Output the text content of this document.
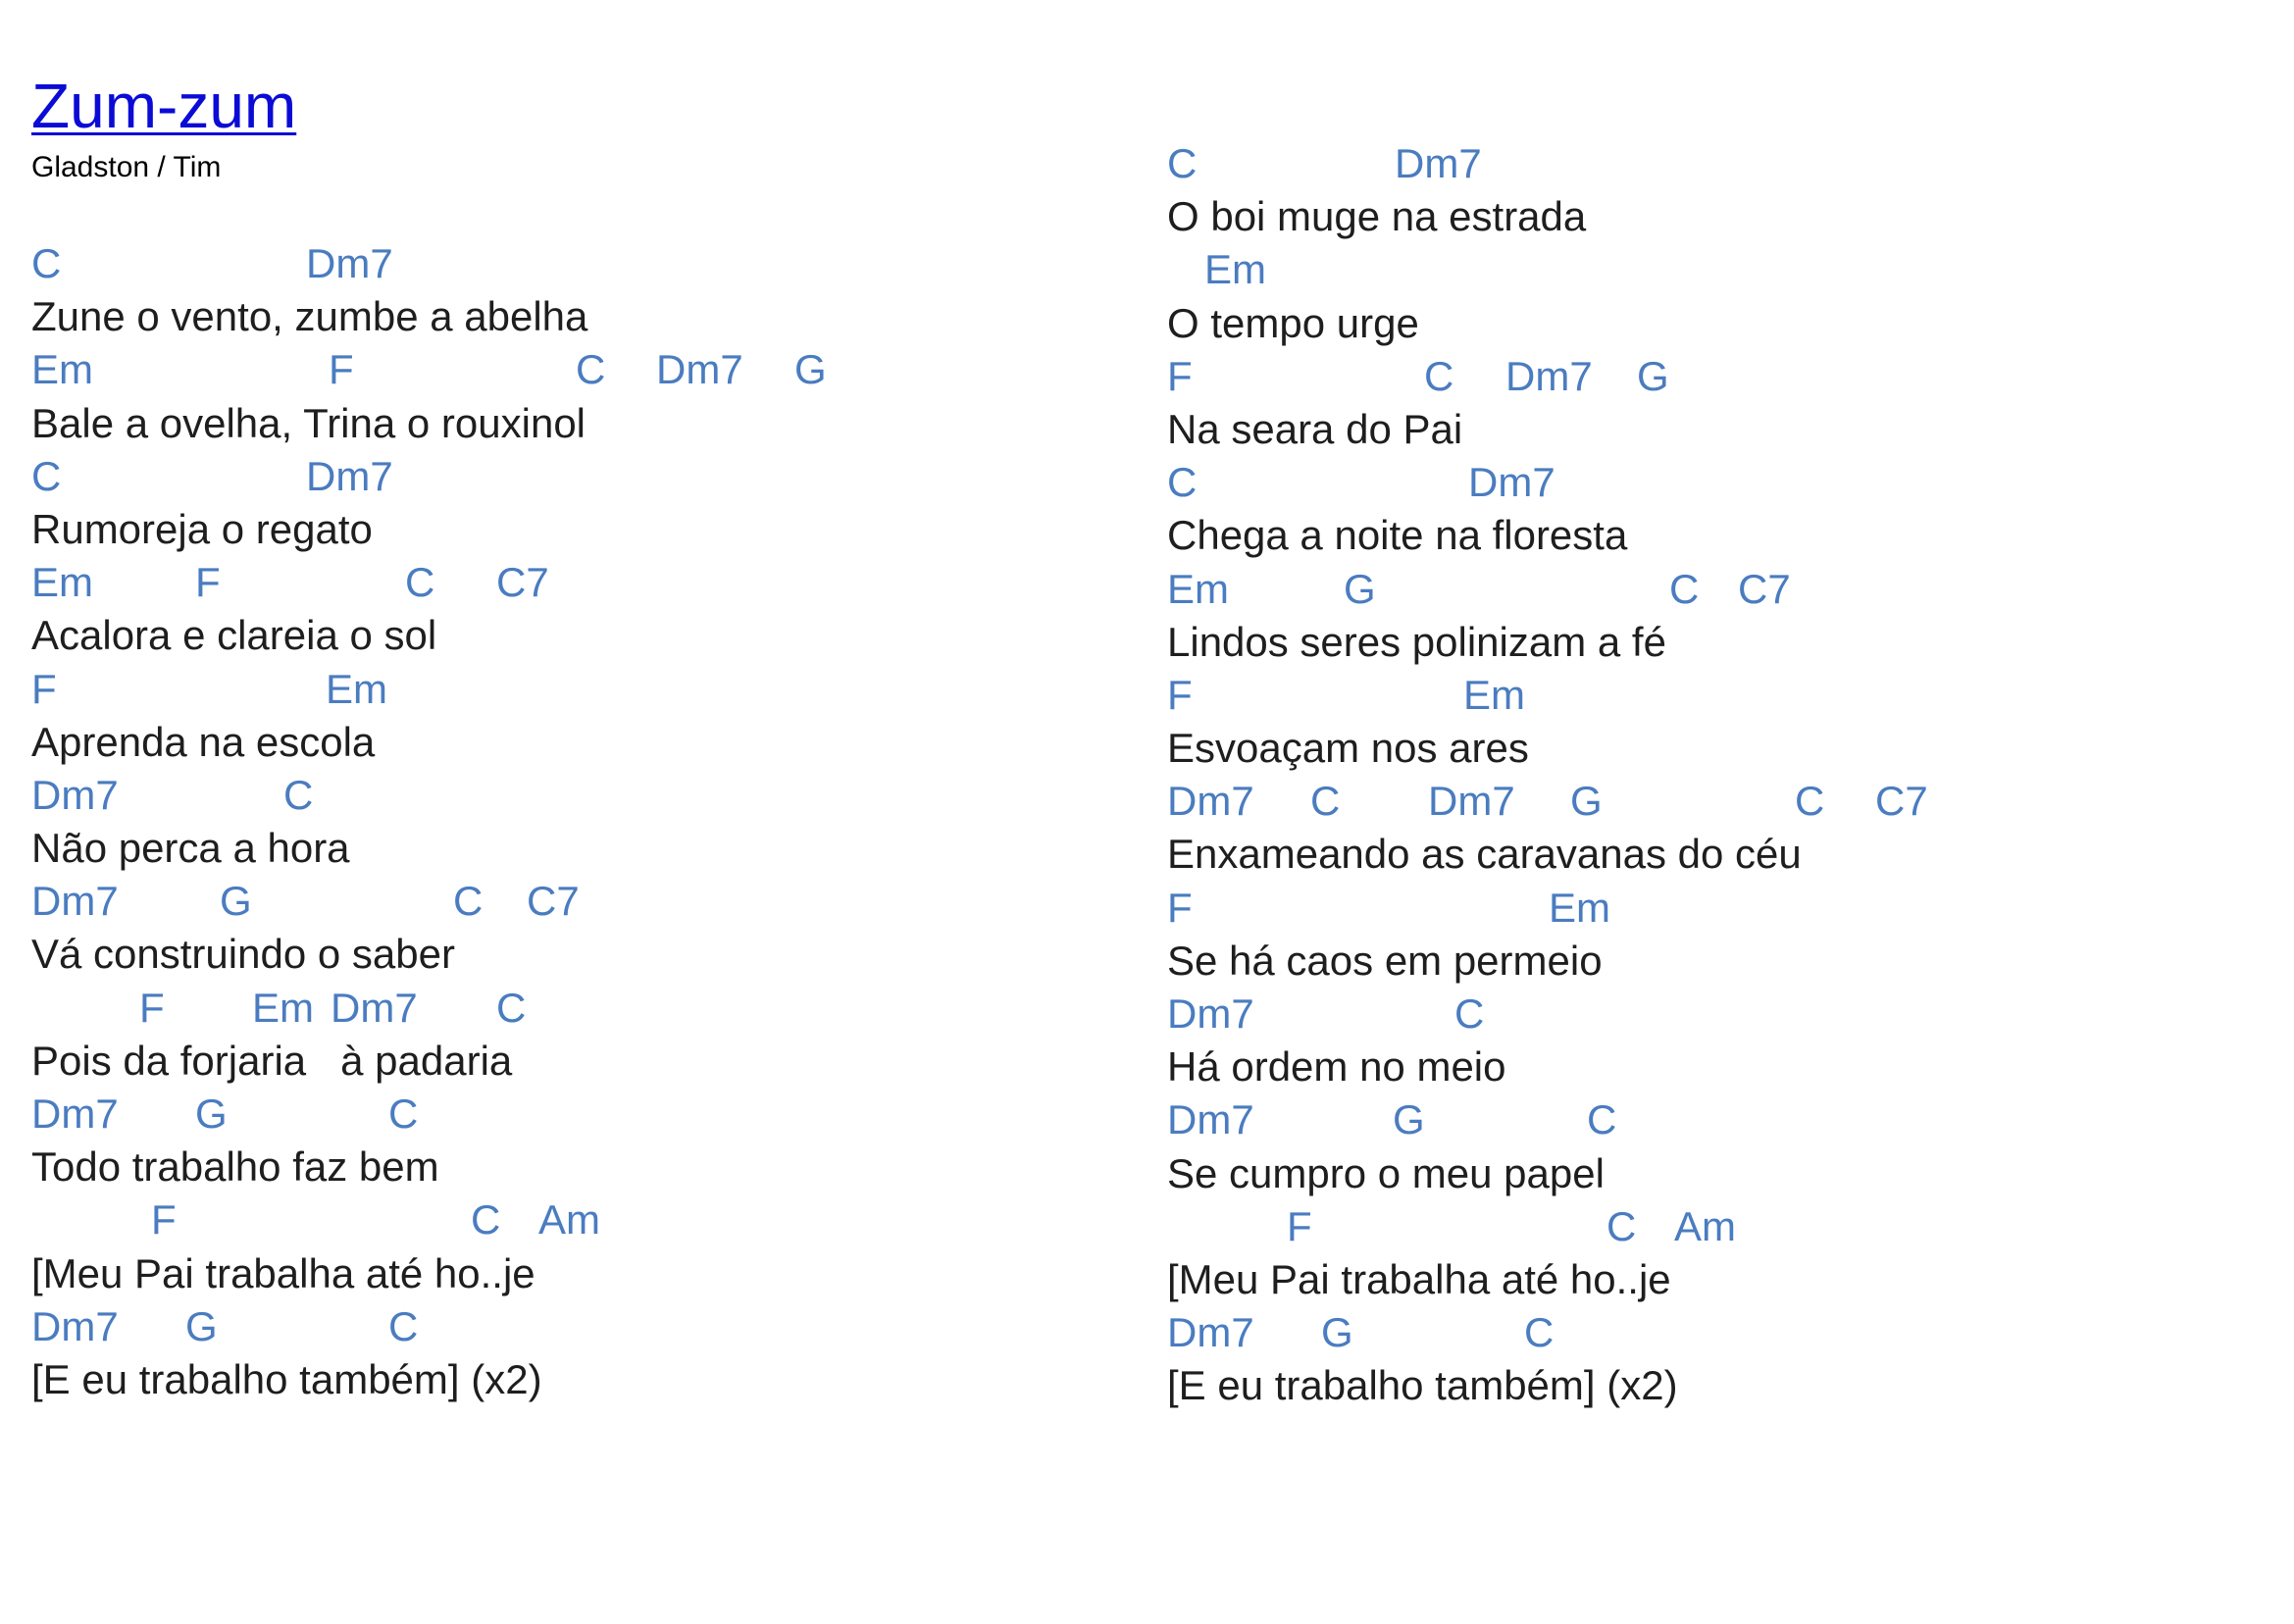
Zum-zum
Gladston / Tim
C	Dm7
Zune o vento, zumbe a abelha
Em	F	C Dm7 G
Bale a ovelha, Trina o rouxinol
C	Dm7
Rumoreja o regato
Em F	C C7
Acalora e clareia o sol
F	Em
Aprenda na escola
Dm7	C
Não perca a hora
Dm7 G	C C7
Vá construindo o saber
F Em Dm7 C
Pois da forjaria   à padaria
Dm7 G	C
Todo trabalho faz bem
F	C Am
[Meu Pai trabalha até ho..je
Dm7 G	C
[E eu trabalho também] (x2)
C	Dm7
O boi muge na estrada
Em
O tempo urge
F	C Dm7 G
Na seara do Pai
C	Dm7
Chega a noite na floresta
Em	G	C C7
Lindos seres polinizam a fé
F	Em
Esvoaçam nos ares
Dm7 C Dm7 G	C C7
Enxameando as caravanas do céu
F	Em
Se há caos em permeio
Dm7	C
Há ordem no meio
Dm7	G	C
Se cumpro o meu papel
F	C Am
[Meu Pai trabalha até ho..je
Dm7 G	C
[E eu trabalho também] (x2)
